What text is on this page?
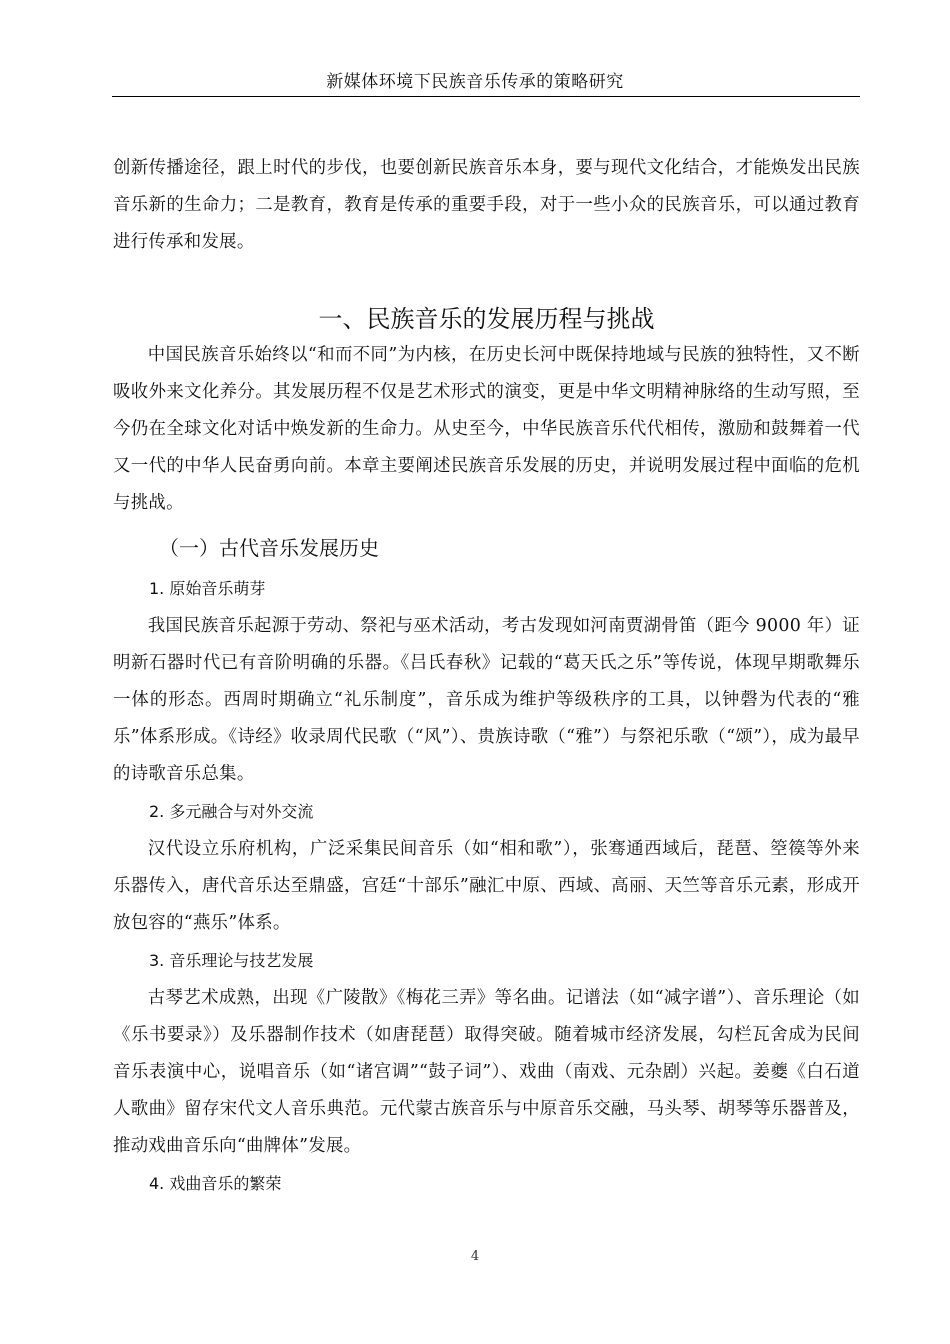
新媒体环境下民族音乐传承的策略研究

创新传播途径，跟上时代的步伐，也要创新民族音乐本身，要与现代文化结合，才能焕发出民族音乐新的生命力；二是教育，教育是传承的重要手段，对于一些小众的民族音乐，可以通过教育进行传承和发展。

一、民族音乐的发展历程与挑战

中国民族音乐始终以“和而不同”为内核，在历史长河中既保持地域与民族的独特性，又不断吸收外来文化养分。其发展历程不仅是艺术形式的演变，更是中华文明精神脉络的生动写照，至今仍在全球文化对话中焕发新的生命力。从史至今，中华民族音乐代代相传，激励和鼓舞着一代又一代的中华人民奋勇向前。本章主要阐述民族音乐发展的历史，并说明发展过程中面临的危机与挑战。

（一）古代音乐发展历史
1. 原始音乐萌芽

我国民族音乐起源于劳动、祭祀与巫术活动，考古发现如河南贾湖骨笛（距今 9000 年）证明新石器时代已有音阶明确的乐器。《吕氏春秋》记载的“葛天氏之乐”等传说，体现早期歌舞乐一体的形态。西周时期确立“礼乐制度”，音乐成为维护等级秩序的工具，以钟磬为代表的“雅乐”体系形成。《诗经》收录周代民歌（“风”）、贵族诗歌（“雅”）与祭祀乐歌（“颂”），成为最早的诗歌音乐总集。

2. 多元融合与对外交流

汉代设立乐府机构，广泛采集民间音乐（如“相和歌”），张骞通西域后，琵琶、箜篌等外来乐器传入，唐代音乐达至鼎盛，宫廷“十部乐”融汇中原、西域、高丽、天竺等音乐元素，形成开放包容的“燕乐”体系。

3. 音乐理论与技艺发展

古琴艺术成熟，出现《广陵散》《梅花三弄》等名曲。记谱法（如“减字谱”）、音乐理论（如《乐书要录》）及乐器制作技术（如唐琵琶）取得突破。随着城市经济发展，勾栏瓦舍成为民间音乐表演中心，说唱音乐（如“诸宫调”“鼓子词”）、戏曲（南戏、元杂剧）兴起。姜夔《白石道人歌曲》留存宋代文人音乐典范。元代蒙古族音乐与中原音乐交融，马头琴、胡琴等乐器普及，推动戏曲音乐向“曲牌体”发展。

4. 戏曲音乐的繁荣
4
